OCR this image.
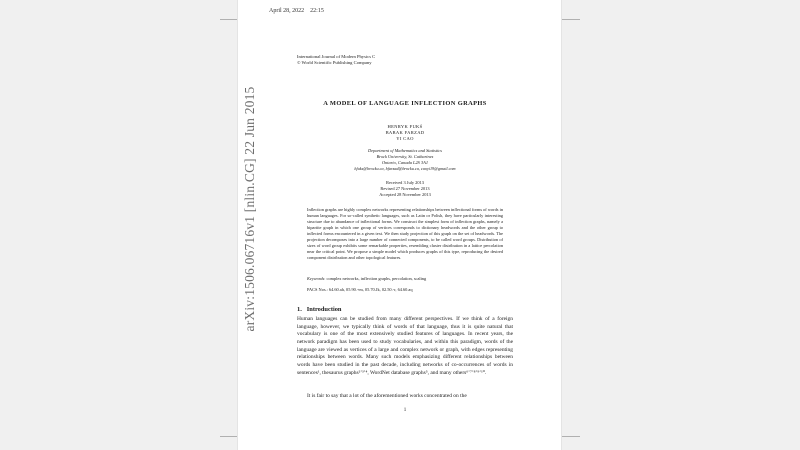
April 28, 2022 22:15
arXiv:1506.06716v1 [nlin.CG] 22 Jun 2015
International Journal of Modern Physics C
© World Scientific Publishing Company
A MODEL OF LANGUAGE INFLECTION GRAPHS
HENRYK FUKŚ
BABAK FARZAD
YI CAO
Department of Mathematics and Statistics
Brock University, St. Catharines
Ontario, Canada L2S 3A1
hfuks@brocku.ca, bfarzad@brocku.ca, caoyi19@gmail.com
Received 3 July 2013
Revised 27 November 2013
Accepted 28 November 2013
Inflection graphs are highly complex networks representing relationships between inflectional forms of words in human languages. For so-called synthetic languages, such as Latin or Polish, they have particularly interesting structure due to abundance of inflectional forms. We construct the simplest form of inflection graphs, namely a bipartite graph in which one group of vertices corresponds to dictionary headwords and the other group to inflected forms encountered in a given text. We then study projection of this graph on the set of headwords. The projection decomposes into a large number of connected components, to be called word groups. Distribution of sizes of word group exhibits some remarkable properties, resembling cluster distribution in a lattice percolation near the critical point. We propose a simple model which produces graphs of this type, reproducing the desired component distribution and other topological features.
Keywords: complex networks, inflection graphs, percolation, scaling
PACS Nos.: 64.60.ah, 05.90.+m, 05.70.Jk, 02.50.-r, 64.60.aq
1. Introduction
Human languages can be studied from many different perspectives. If we think of a foreign language, however, we typically think of words of that language, thus it is quite natural that vocabulary is one of the most extensively studied features of languages. In recent years, the network paradigm has been used to study vocabularies, and within this paradigm, words of the language are viewed as vertices of a large and complex network or graph, with edges representing relationships between words. Many such models emphasizing different relationships between words have been studied in the past decade, including networks of co-occurrences of words in sentences¹, thesaurus graphs²ʼ³ʼ⁴, WordNet database graphs⁵, and many others⁶ʼ⁷ʼ⁸ʼ⁹ʼ¹⁰.
It is fair to say that a lot of the aforementioned works concentrated on the
1
